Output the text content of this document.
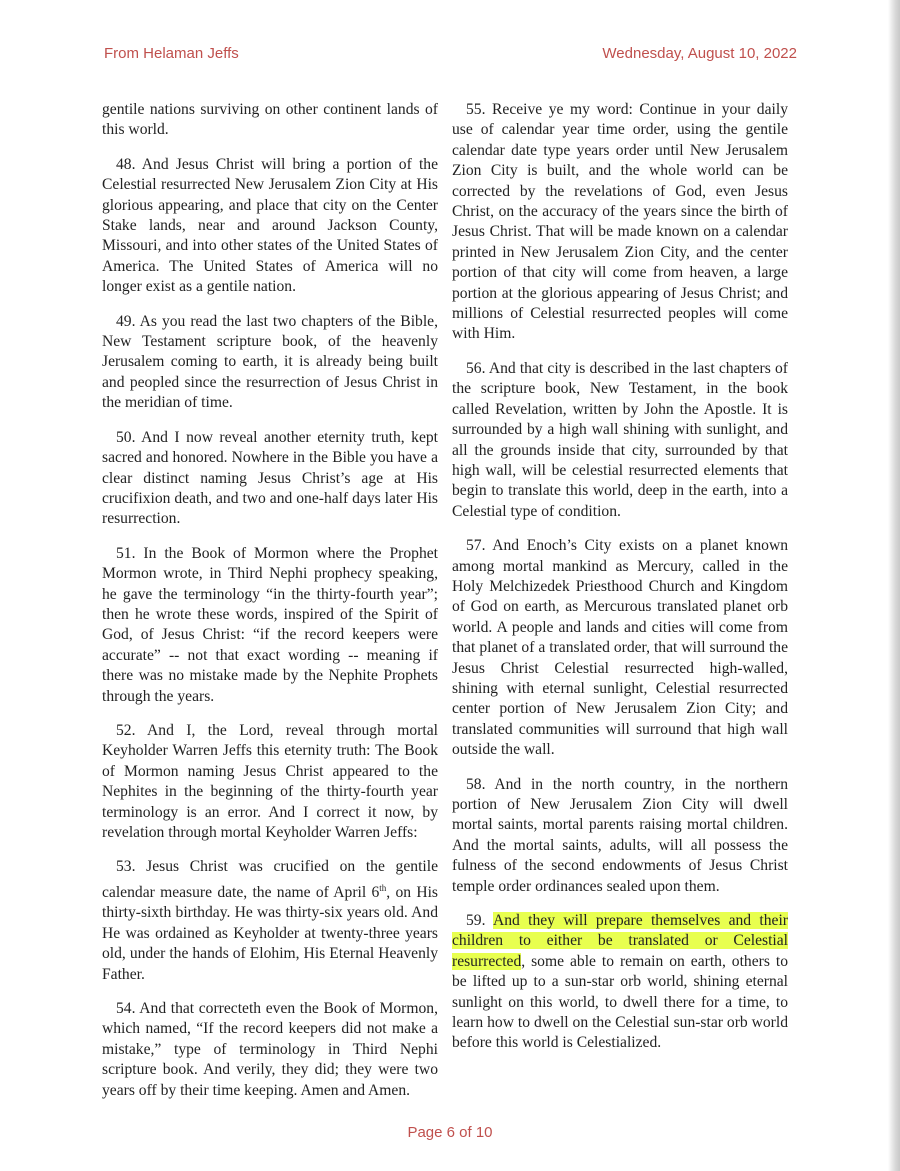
From Helaman Jeffs	Wednesday, August 10, 2022

gentile nations surviving on other continent lands of this world.

48. And Jesus Christ will bring a portion of the Celestial resurrected New Jerusalem Zion City at His glorious appearing, and place that city on the Center Stake lands, near and around Jackson County, Missouri, and into other states of the United States of America. The United States of America will no longer exist as a gentile nation.

49. As you read the last two chapters of the Bible, New Testament scripture book, of the heavenly Jerusalem coming to earth, it is already being built and peopled since the resurrection of Jesus Christ in the meridian of time.

50. And I now reveal another eternity truth, kept sacred and honored. Nowhere in the Bible you have a clear distinct naming Jesus Christ’s age at His crucifixion death, and two and one-half days later His resurrection.

51. In the Book of Mormon where the Prophet Mormon wrote, in Third Nephi prophecy speaking, he gave the terminology “in the thirty-fourth year”; then he wrote these words, inspired of the Spirit of God, of Jesus Christ: “if the record keepers were accurate” -- not that exact wording -- meaning if there was no mistake made by the Nephite Prophets through the years.

52. And I, the Lord, reveal through mortal Keyholder Warren Jeffs this eternity truth: The Book of Mormon naming Jesus Christ appeared to the Nephites in the beginning of the thirty-fourth year terminology is an error. And I correct it now, by revelation through mortal Keyholder Warren Jeffs:

53. Jesus Christ was crucified on the gentile calendar measure date, the name of April 6th, on His thirty-sixth birthday. He was thirty-six years old. And He was ordained as Keyholder at twenty-three years old, under the hands of Elohim, His Eternal Heavenly Father.

54. And that correcteth even the Book of Mormon, which named, “If the record keepers did not make a mistake,” type of terminology in Third Nephi scripture book. And verily, they did; they were two years off by their time keeping. Amen and Amen.

55. Receive ye my word: Continue in your daily use of calendar year time order, using the gentile calendar date type years order until New Jerusalem Zion City is built, and the whole world can be corrected by the revelations of God, even Jesus Christ, on the accuracy of the years since the birth of Jesus Christ. That will be made known on a calendar printed in New Jerusalem Zion City, and the center portion of that city will come from heaven, a large portion at the glorious appearing of Jesus Christ; and millions of Celestial resurrected peoples will come with Him.

56. And that city is described in the last chapters of the scripture book, New Testament, in the book called Revelation, written by John the Apostle. It is surrounded by a high wall shining with sunlight, and all the grounds inside that city, surrounded by that high wall, will be celestial resurrected elements that begin to translate this world, deep in the earth, into a Celestial type of condition.

57. And Enoch’s City exists on a planet known among mortal mankind as Mercury, called in the Holy Melchizedek Priesthood Church and Kingdom of God on earth, as Mercurous translated planet orb world. A people and lands and cities will come from that planet of a translated order, that will surround the Jesus Christ Celestial resurrected high-walled, shining with eternal sunlight, Celestial resurrected center portion of New Jerusalem Zion City; and translated communities will surround that high wall outside the wall.

58. And in the north country, in the northern portion of New Jerusalem Zion City will dwell mortal saints, mortal parents raising mortal children. And the mortal saints, adults, will all possess the fulness of the second endowments of Jesus Christ temple order ordinances sealed upon them.

59. And they will prepare themselves and their children to either be translated or Celestial resurrected, some able to remain on earth, others to be lifted up to a sun-star orb world, shining eternal sunlight on this world, to dwell there for a time, to learn how to dwell on the Celestial sun-star orb world before this world is Celestialized.

Page 6 of 10
